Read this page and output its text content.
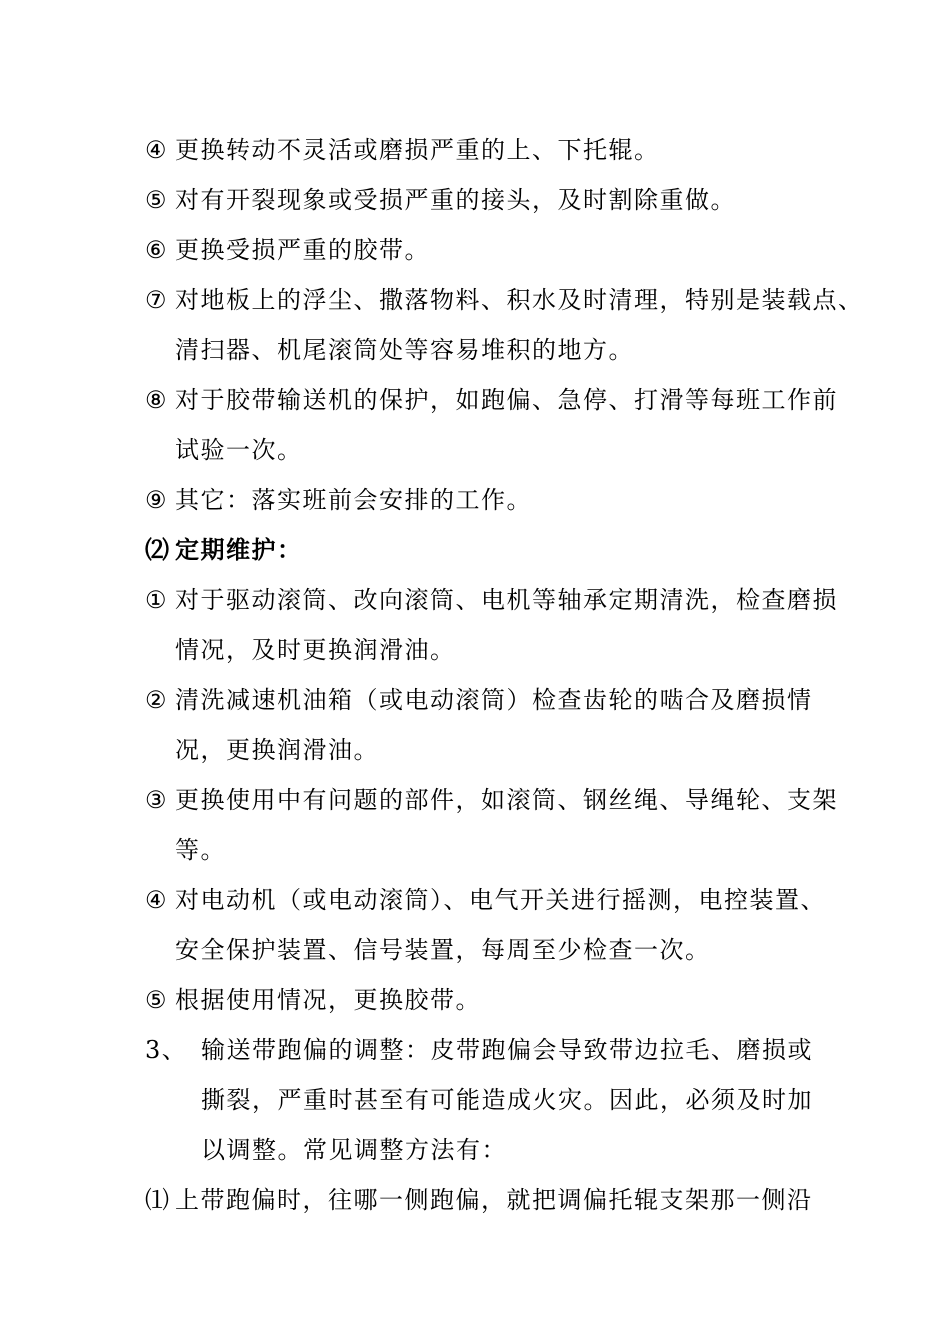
④ 更换转动不灵活或磨损严重的上、下托辊。
⑤ 对有开裂现象或受损严重的接头，及时割除重做。
⑥ 更换受损严重的胶带。
⑦ 对地板上的浮尘、撒落物料、积水及时清理，特别是装载点、
清扫器、机尾滚筒处等容易堆积的地方。
⑧ 对于胶带输送机的保护，如跑偏、急停、打滑等每班工作前
试验一次。
⑨ 其它：落实班前会安排的工作。
⑵ 定期维护：
① 对于驱动滚筒、改向滚筒、电机等轴承定期清洗，检查磨损
情况，及时更换润滑油。
② 清洗减速机油箱（或电动滚筒）检查齿轮的啮合及磨损情
况，更换润滑油。
③ 更换使用中有问题的部件，如滚筒、钢丝绳、导绳轮、支架
等。
④ 对电动机（或电动滚筒）、电气开关进行摇测，电控装置、
安全保护装置、信号装置，每周至少检查一次。
⑤ 根据使用情况，更换胶带。
3、 输送带跑偏的调整：皮带跑偏会导致带边拉毛、磨损或
撕裂，严重时甚至有可能造成火灾。因此，必须及时加
以调整。常见调整方法有：
⑴ 上带跑偏时，往哪一侧跑偏，就把调偏托辊支架那一侧沿
